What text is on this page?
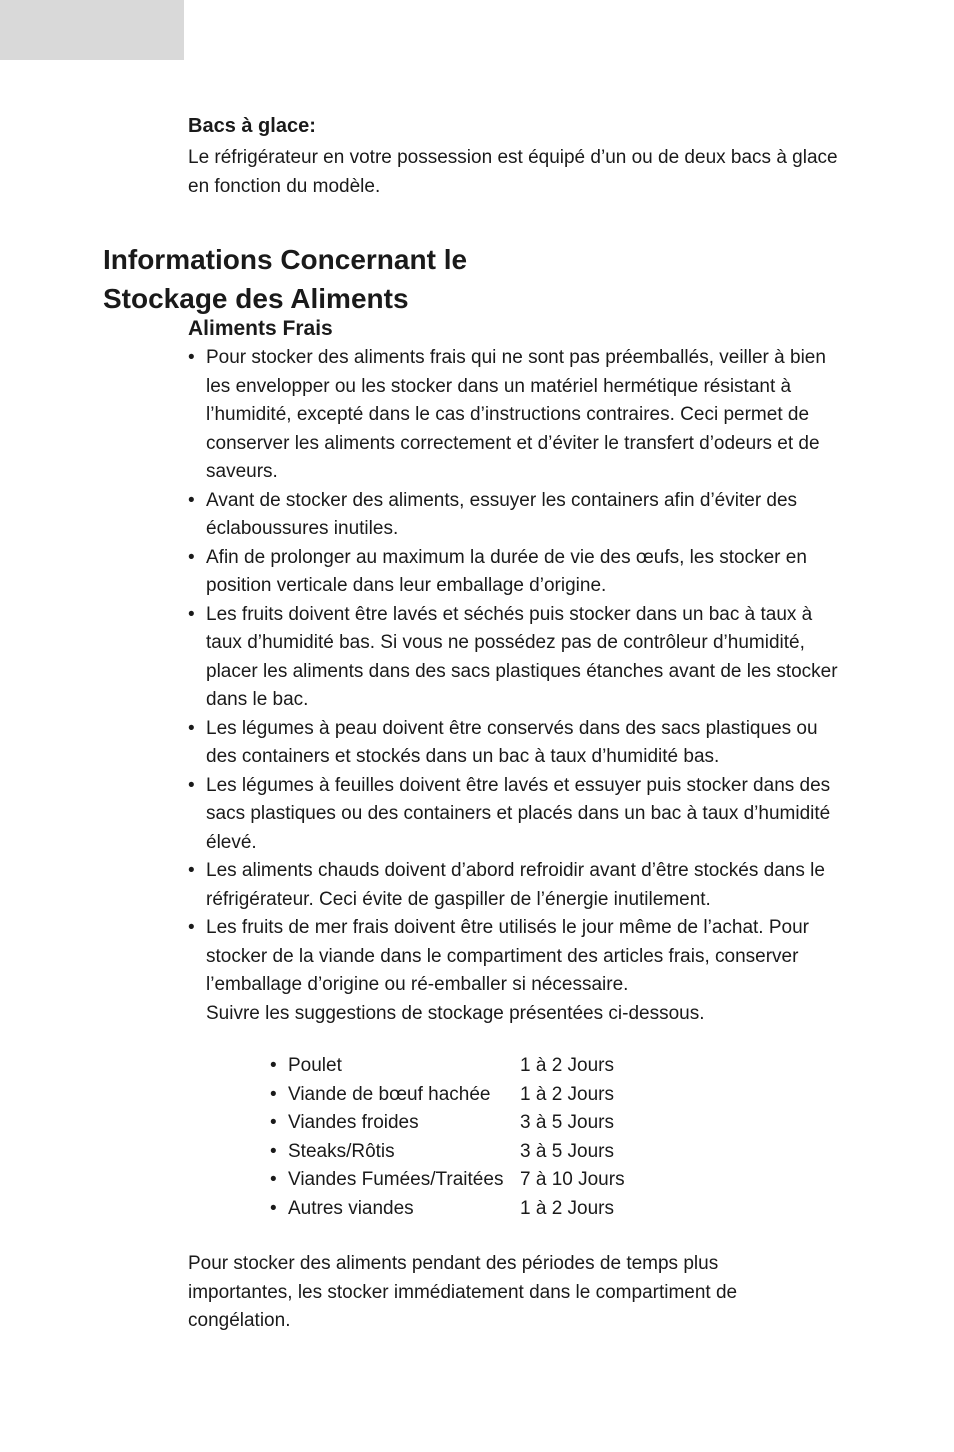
Bacs à glace:
Le réfrigérateur en votre possession est équipé d’un ou de deux bacs à glace en fonction du modèle.
Informations Concernant le
Stockage des Aliments
Aliments Frais
• Pour stocker des aliments frais qui ne sont pas préemballés, veiller à bien les envelopper ou les stocker dans un matériel hermétique résistant à l’humidité, excepté dans le cas d’instructions contraires. Ceci permet de conserver les aliments correctement et d’éviter le transfert d’odeurs et de saveurs.
• Avant de stocker des aliments, essuyer les containers afin d’éviter des éclaboussures inutiles.
• Afin de prolonger au maximum la durée de vie des œufs, les stocker en position verticale dans leur emballage d’origine.
• Les fruits doivent être lavés et séchés puis stocker dans un bac à taux à taux d’humidité bas. Si vous ne possédez pas de contrôleur d’humidité, placer les aliments dans des sacs plastiques étanches avant de les stocker dans le bac.
• Les légumes à peau doivent être conservés dans des sacs plastiques ou des containers et stockés dans un bac à taux d’humidité bas.
• Les légumes à feuilles doivent être lavés et essuyer puis stocker dans des sacs plastiques ou des containers et placés dans un bac à taux d’humidité élevé.
• Les aliments chauds doivent d’abord refroidir avant d’être stockés dans le réfrigérateur. Ceci évite de gaspiller de l’énergie inutilement.
• Les fruits de mer frais doivent être utilisés le jour même de l’achat. Pour stocker de la viande dans le compartiment des articles frais, conserver l’emballage d’origine ou ré-emballer si nécessaire.
Suivre les suggestions de stockage présentées ci-dessous.
• Poulet	1 à 2 Jours
• Viande de bœuf hachée	1 à 2 Jours
• Viandes froides	3 à 5 Jours
• Steaks/Rôtis	3 à 5 Jours
• Viandes Fumées/Traitées	7 à 10 Jours
• Autres viandes	1 à 2 Jours
Pour stocker des aliments pendant des périodes de temps plus importantes, les stocker immédiatement dans le compartiment de congélation.
